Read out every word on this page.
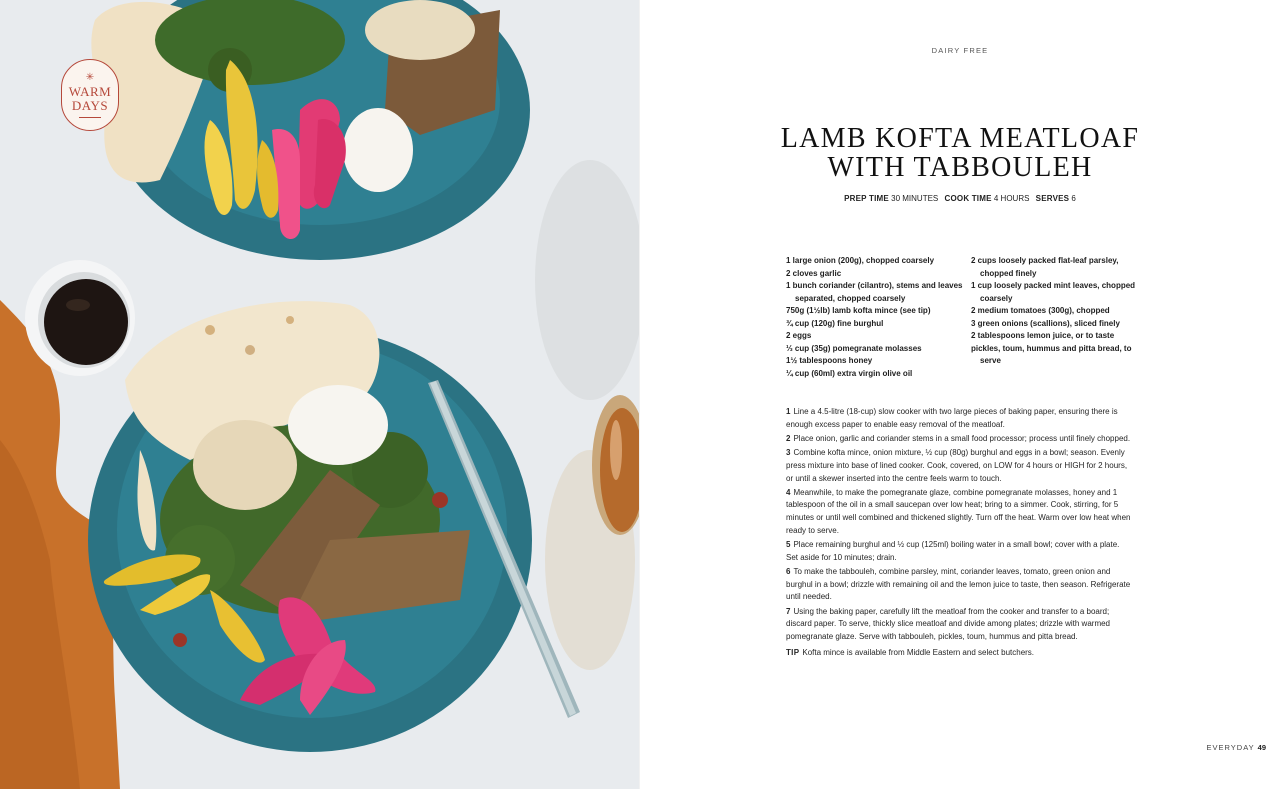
✳
WARM
DAYS
DAIRY FREE
LAMB KOFTA MEATLOAF
WITH TABBOULEH
PREP TIME 30 MINUTES COOK TIME 4 HOURS SERVES 6
1 large onion (200g), chopped coarsely
2 cloves garlic
1 bunch coriander (cilantro), stems and leaves separated, chopped coarsely
750g (1½lb) lamb kofta mince (see tip)
¾ cup (120g) fine burghul
2 eggs
⅓ cup (35g) pomegranate molasses
1½ tablespoons honey
¼ cup (60ml) extra virgin olive oil
2 cups loosely packed flat-leaf parsley, chopped finely
1 cup loosely packed mint leaves, chopped coarsely
2 medium tomatoes (300g), chopped
3 green onions (scallions), sliced finely
2 tablespoons lemon juice, or to taste
pickles, toum, hummus and pitta bread, to serve

1 Line a 4.5-litre (18-cup) slow cooker with two large pieces of baking paper, ensuring there is enough excess paper to enable easy removal of the meatloaf.

2 Place onion, garlic and coriander stems in a small food processor; process until finely chopped.

3 Combine kofta mince, onion mixture, ½ cup (80g) burghul and eggs in a bowl; season. Evenly press mixture into base of lined cooker. Cook, covered, on LOW for 4 hours or HIGH for 2 hours, or until a skewer inserted into the centre feels warm to touch.

4 Meanwhile, to make the pomegranate glaze, combine pomegranate molasses, honey and 1 tablespoon of the oil in a small saucepan over low heat; bring to a simmer. Cook, stirring, for 5 minutes or until well combined and thickened slightly. Turn off the heat. Warm over low heat when ready to serve.

5 Place remaining burghul and ½ cup (125ml) boiling water in a small bowl; cover with a plate. Set aside for 10 minutes; drain.

6 To make the tabbouleh, combine parsley, mint, coriander leaves, tomato, green onion and burghul in a bowl; drizzle with remaining oil and the lemon juice to taste, then season. Refrigerate until needed.

7 Using the baking paper, carefully lift the meatloaf from the cooker and transfer to a board; discard paper. To serve, thickly slice meatloaf and divide among plates; drizzle with warmed pomegranate glaze. Serve with tabbouleh, pickles, toum, hummus and pitta bread.

TIP Kofta mince is available from Middle Eastern and select butchers.

EVERYDAY 49
